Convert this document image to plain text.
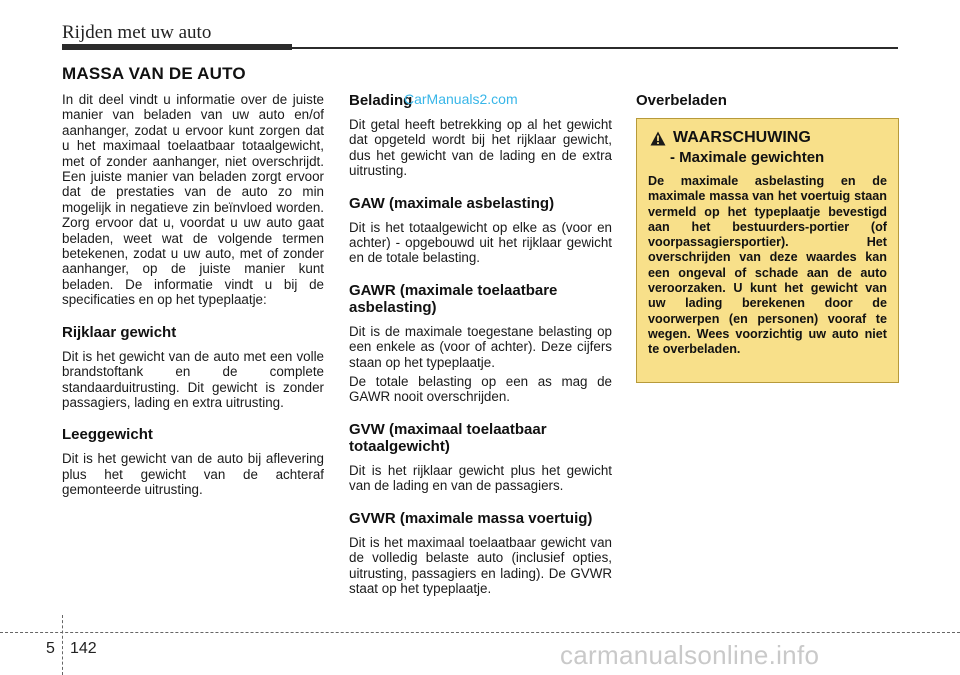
Rijden met uw auto
MASSA VAN DE AUTO

In dit deel vindt u informatie over de juiste manier van beladen van uw auto en/of aanhanger, zodat u ervoor kunt zorgen dat u het maximaal toelaatbaar totaalgewicht, met of zonder aanhanger, niet overschrijdt. Een juiste manier van beladen zorgt ervoor dat de prestaties van de auto zo min mogelijk in negatieve zin beïnvloed worden. Zorg ervoor dat u, voordat u uw auto gaat beladen, weet wat de volgende termen betekenen, zodat u uw auto, met of zonder aanhanger, op de juiste manier kunt beladen. De informatie vindt u bij de specificaties en op het typeplaatje:

Rijklaar gewicht

Dit is het gewicht van de auto met een volle brandstoftank en de complete standaarduitrusting. Dit gewicht is zonder passagiers, lading en extra uitrusting.

Leeggewicht

Dit is het gewicht van de auto bij aflevering plus het gewicht van de achteraf gemonteerde uitrusting.

Belading
CarManuals2.com

Dit getal heeft betrekking op al het gewicht dat opgeteld wordt bij het rijklaar gewicht, dus het gewicht van de lading en de extra uitrusting.

GAW (maximale asbelasting)

Dit is het totaalgewicht op elke as (voor en achter) - opgebouwd uit het rijklaar gewicht en de totale belasting.

GAWR (maximale toelaatbare asbelasting)

Dit is de maximale toegestane belasting op een enkele as (voor of achter). Deze cijfers staan op het typeplaatje.

De totale belasting op een as mag de GAWR nooit overschrijden.

GVW (maximaal toelaatbaar totaalgewicht)

Dit is het rijklaar gewicht plus het gewicht van de lading en van de passagiers.

GVWR (maximale massa voertuig)

Dit is het maximaal toelaatbaar gewicht van de volledig belaste auto (inclusief opties, uitrusting, passagiers en lading). De GVWR staat op het typeplaatje.

Overbeladen
WAARSCHUWING
- Maximale gewichten

De maximale asbelasting en de maximale massa van het voertuig staan vermeld op het typeplaatje bevestigd aan het bestuurders-portier (of voorpassagiersportier). Het overschrijden van deze waardes kan een ongeval of schade aan de auto veroorzaken. U kunt het gewicht van uw lading berekenen door de voorwerpen (en personen) vooraf te wegen. Wees voorzichtig uw auto niet te overbeladen.

5 142	carmanualsonline.info
